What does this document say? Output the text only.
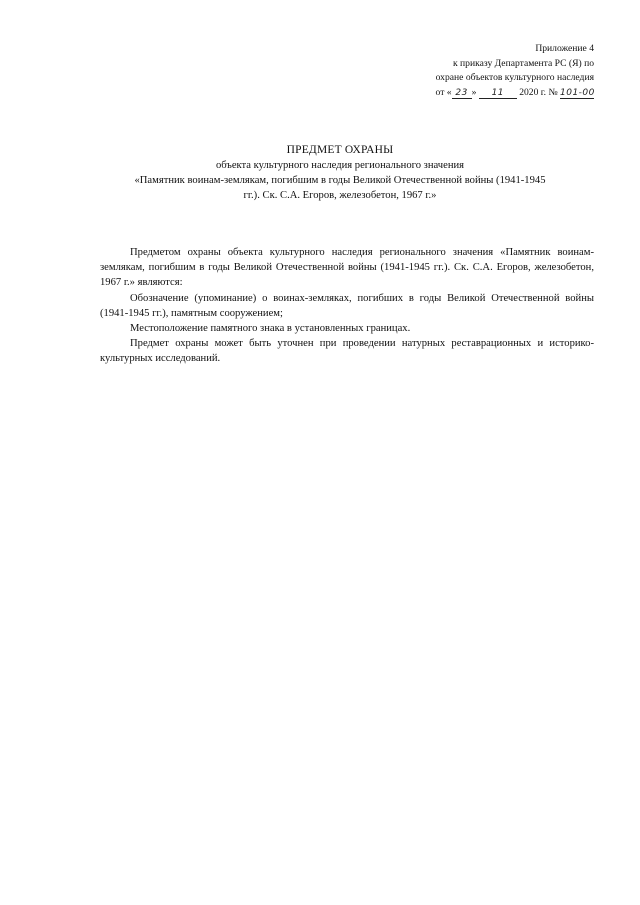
Приложение 4
к приказу Департамента РС (Я) по
охране объектов культурного наследия
от « 23 » 11 2020 г. № 101-00
ПРЕДМЕТ ОХРАНЫ
объекта культурного наследия регионального значения
«Памятник воинам-землякам, погибшим в годы Великой Отечественной войны (1941-1945
гг.). Ск. С.А. Егоров, железобетон, 1967 г.»

Предметом охраны объекта культурного наследия регионального значения «Памятник воинам-землякам, погибшим в годы Великой Отечественной войны (1941-1945 гг.). Ск. С.А. Егоров, железобетон, 1967 г.» являются:

Обозначение (упоминание) о воинах-земляках, погибших в годы Великой Отечественной войны (1941-1945 гг.), памятным сооружением;

Местоположение памятного знака в установленных границах.

Предмет охраны может быть уточнен при проведении натурных реставрационных и историко-культурных исследований.
